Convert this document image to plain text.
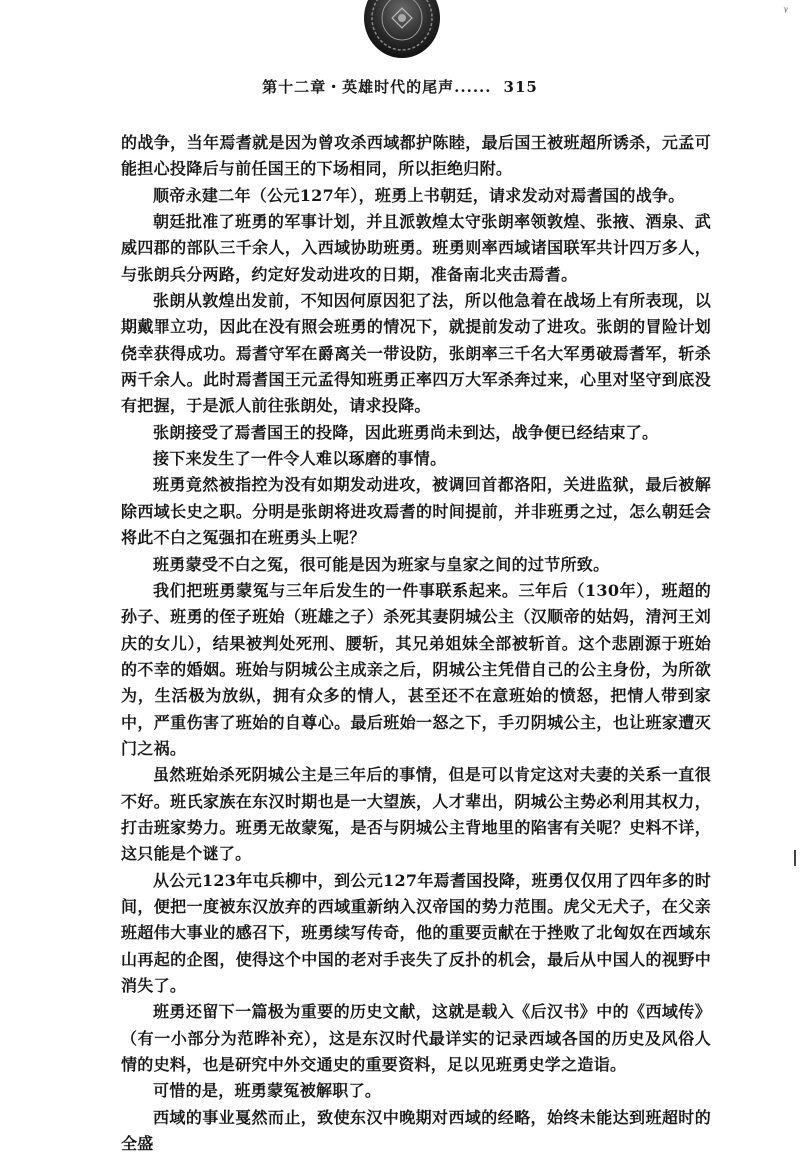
ᵧ
第十二章・英雄时代的尾声...... 315

的战争，当年焉耆就是因为曾攻杀西域都护陈睦，最后国王被班超所诱杀，元孟可能担心投降后与前任国王的下场相同，所以拒绝归附。

顺帝永建二年（公元127年），班勇上书朝廷，请求发动对焉耆国的战争。

朝廷批准了班勇的军事计划，并且派敦煌太守张朗率领敦煌、张掖、酒泉、武威四郡的部队三千余人，入西域协助班勇。班勇则率西域诸国联军共计四万多人，与张朗兵分两路，约定好发动进攻的日期，准备南北夹击焉耆。

张朗从敦煌出发前，不知因何原因犯了法，所以他急着在战场上有所表现，以期戴罪立功，因此在没有照会班勇的情况下，就提前发动了进攻。张朗的冒险计划侥幸获得成功。焉耆守军在爵离关一带设防，张朗率三千名大军勇破焉耆军，斩杀两千余人。此时焉耆国王元孟得知班勇正率四万大军杀奔过来，心里对坚守到底没有把握，于是派人前往张朗处，请求投降。

张朗接受了焉耆国王的投降，因此班勇尚未到达，战争便已经结束了。

接下来发生了一件令人难以琢磨的事情。

班勇竟然被指控为没有如期发动进攻，被调回首都洛阳，关进监狱，最后被解除西域长史之职。分明是张朗将进攻焉耆的时间提前，并非班勇之过，怎么朝廷会将此不白之冤强扣在班勇头上呢？

班勇蒙受不白之冤，很可能是因为班家与皇家之间的过节所致。

我们把班勇蒙冤与三年后发生的一件事联系起来。三年后（130年），班超的孙子、班勇的侄子班始（班雄之子）杀死其妻阴城公主（汉顺帝的姑妈，清河王刘庆的女儿），结果被判处死刑、腰斩，其兄弟姐妹全部被斩首。这个悲剧源于班始的不幸的婚姻。班始与阴城公主成亲之后，阴城公主凭借自己的公主身份，为所欲为，生活极为放纵，拥有众多的情人，甚至还不在意班始的愤怒，把情人带到家中，严重伤害了班始的自尊心。最后班始一怒之下，手刃阴城公主，也让班家遭灭门之祸。

虽然班始杀死阴城公主是三年后的事情，但是可以肯定这对夫妻的关系一直很不好。班氏家族在东汉时期也是一大望族，人才辈出，阴城公主势必利用其权力，打击班家势力。班勇无故蒙冤，是否与阴城公主背地里的陷害有关呢？史料不详，这只能是个谜了。

从公元123年屯兵柳中，到公元127年焉耆国投降，班勇仅仅用了四年多的时间，便把一度被东汉放弃的西域重新纳入汉帝国的势力范围。虎父无犬子，在父亲班超伟大事业的感召下，班勇续写传奇，他的重要贡献在于挫败了北匈奴在西域东山再起的企图，使得这个中国的老对手丧失了反扑的机会，最后从中国人的视野中消失了。

班勇还留下一篇极为重要的历史文献，这就是载入《后汉书》中的《西域传》（有一小部分为范晔补充），这是东汉时代最详实的记录西域各国的历史及风俗人情的史料，也是研究中外交通史的重要资料，足以见班勇史学之造诣。

可惜的是，班勇蒙冤被解职了。

西域的事业戛然而止，致使东汉中晚期对西域的经略，始终未能达到班超时的全盛
